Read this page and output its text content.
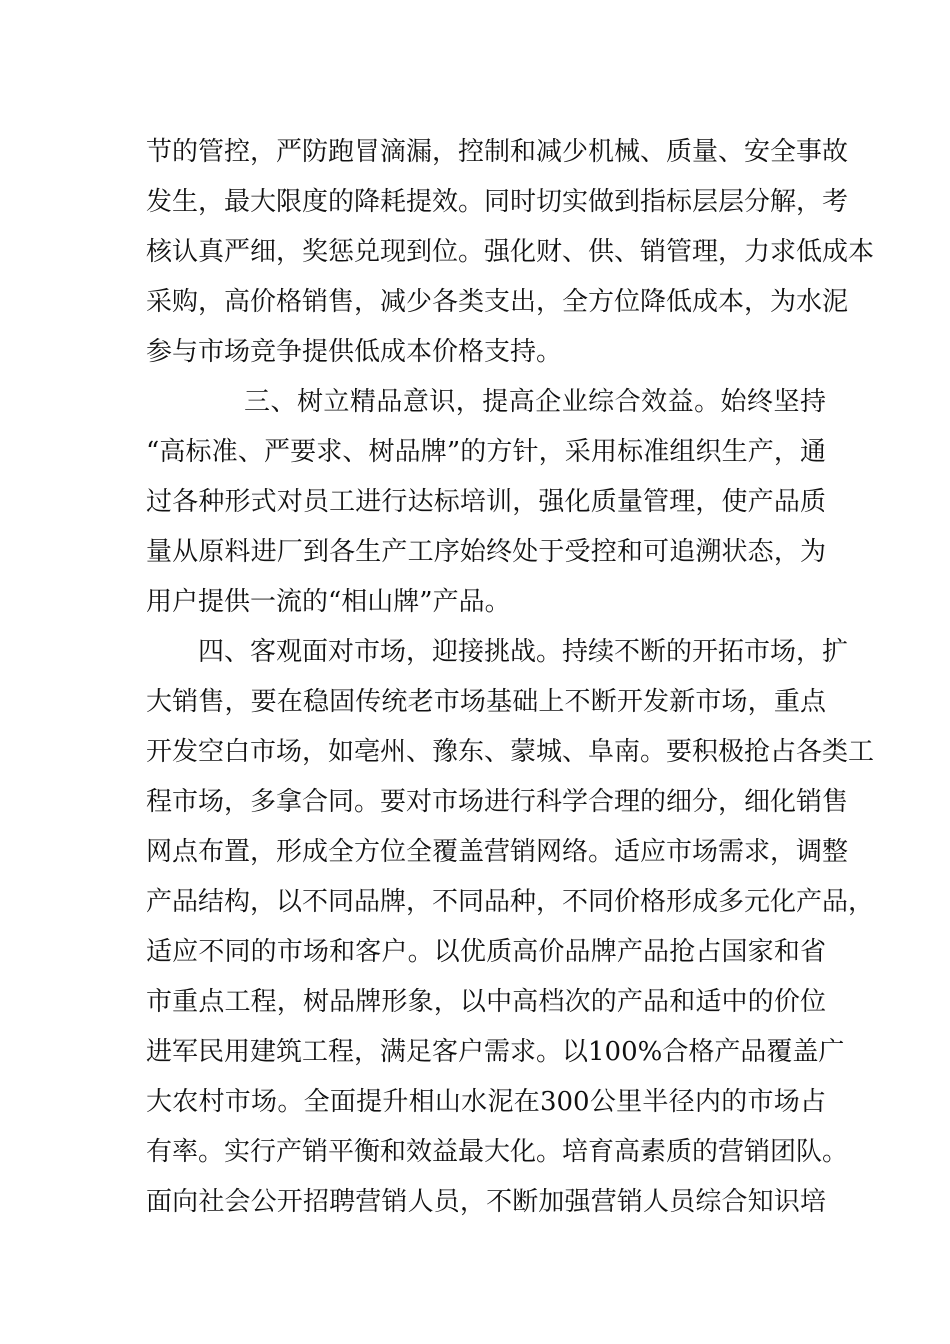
节的管控，严防跑冒滴漏，控制和减少机械、质量、安全事故
发生，最大限度的降耗提效。同时切实做到指标层层分解，考
核认真严细，奖惩兑现到位。强化财、供、销管理，力求低成本
采购，高价格销售，减少各类支出，全方位降低成本，为水泥
参与市场竞争提供低成本价格支持。
三、树立精品意识，提高企业综合效益。始终坚持
“高标准、严要求、树品牌”的方针，采用标准组织生产，通
过各种形式对员工进行达标培训，强化质量管理，使产品质
量从原料进厂到各生产工序始终处于受控和可追溯状态，为
用户提供一流的“相山牌”产品。
四、客观面对市场，迎接挑战。持续不断的开拓市场，扩
大销售，要在稳固传统老市场基础上不断开发新市场，重点
开发空白市场，如亳州、豫东、蒙城、阜南。要积极抢占各类工
程市场，多拿合同。要对市场进行科学合理的细分，细化销售
网点布置，形成全方位全覆盖营销网络。适应市场需求，调整
产品结构，以不同品牌，不同品种，不同价格形成多元化产品，
适应不同的市场和客户。以优质高价品牌产品抢占国家和省
市重点工程，树品牌形象，以中高档次的产品和适中的价位
进军民用建筑工程，满足客户需求。以100%合格产品覆盖广
大农村市场。全面提升相山水泥在300公里半径内的市场占
有率。实行产销平衡和效益最大化。培育高素质的营销团队。
面向社会公开招聘营销人员，不断加强营销人员综合知识培
